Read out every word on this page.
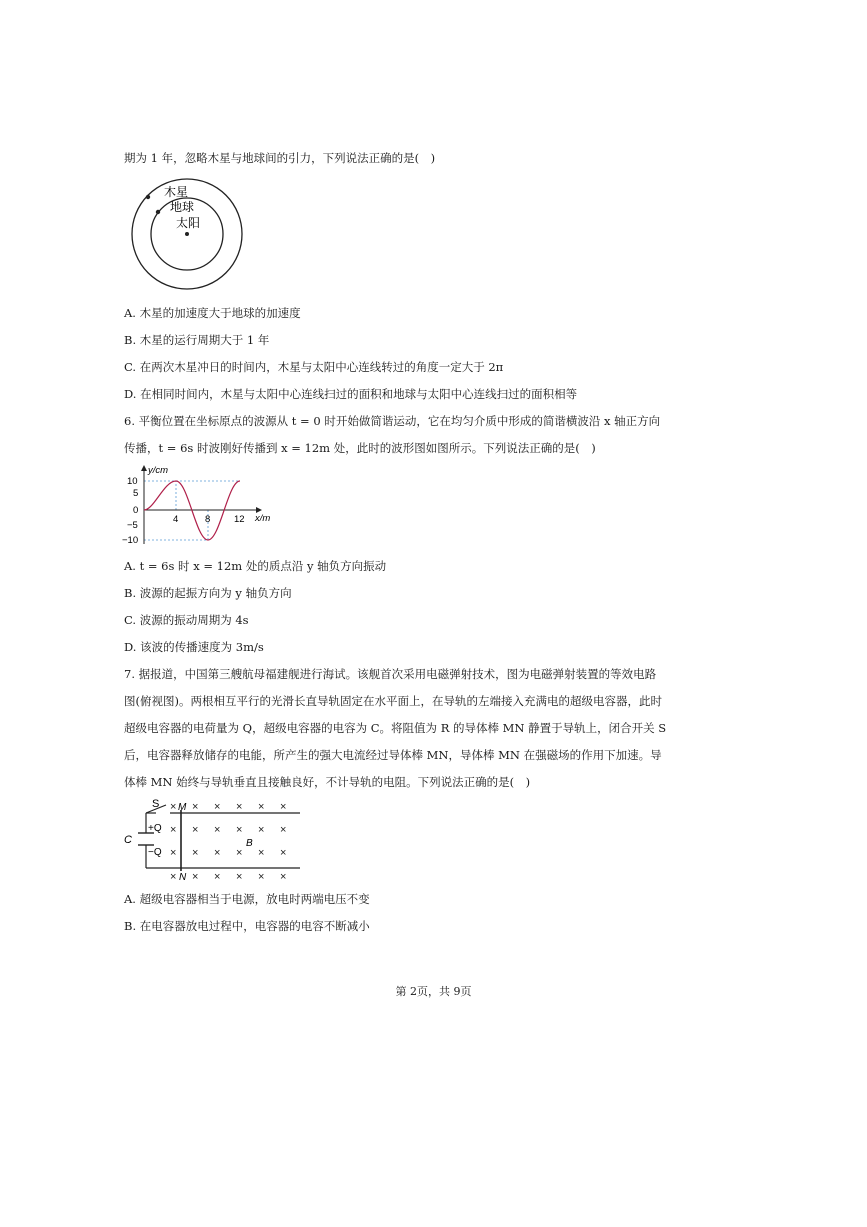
期为 1 年，忽略木星与地球间的引力，下列说法正确的是(　)
木星
地球
太阳
A. 木星的加速度大于地球的加速度
B. 木星的运行周期大于 1 年
C. 在两次木星冲日的时间内，木星与太阳中心连线转过的角度一定大于 2π
D. 在相同时间内，木星与太阳中心连线扫过的面积和地球与太阳中心连线扫过的面积相等
6. 平衡位置在坐标原点的波源从 t = 0 时开始做简谐运动，它在均匀介质中形成的简谐横波沿 x 轴正方向
传播，t = 6s 时波刚好传播到 x = 12m 处，此时的波形图如图所示。下列说法正确的是(　)
y/cm
x/m
10
5
0
−5
−10
4	8 12
A. t = 6s 时 x = 12m 处的质点沿 y 轴负方向振动
B. 波源的起振方向为 y 轴负方向
C. 波源的振动周期为 4s
D. 该波的传播速度为 3m/s
7. 据报道，中国第三艘航母福建舰进行海试。该舰首次采用电磁弹射技术，图为电磁弹射装置的等效电路
图(俯视图)。两根相互平行的光滑长直导轨固定在水平面上，在导轨的左端接入充满电的超级电容器，此时
超级电容器的电荷量为 Q，超级电容器的电容为 C。将阻值为 R 的导体棒 MN 静置于导轨上，闭合开关 S
后，电容器释放储存的电能，所产生的强大电流经过导体棒 MN，导体棒 MN 在强磁场的作用下加速。导
体棒 MN 始终与导轨垂直且接触良好，不计导轨的电阻。下列说法正确的是(　)
S M
N
C
+Q
−Q
B
× × × × × ×
× × × × × ×
× × × × × ×
× × × × × ×
A. 超级电容器相当于电源，放电时两端电压不变
B. 在电容器放电过程中，电容器的电容不断减小
第 2页，共 9页
